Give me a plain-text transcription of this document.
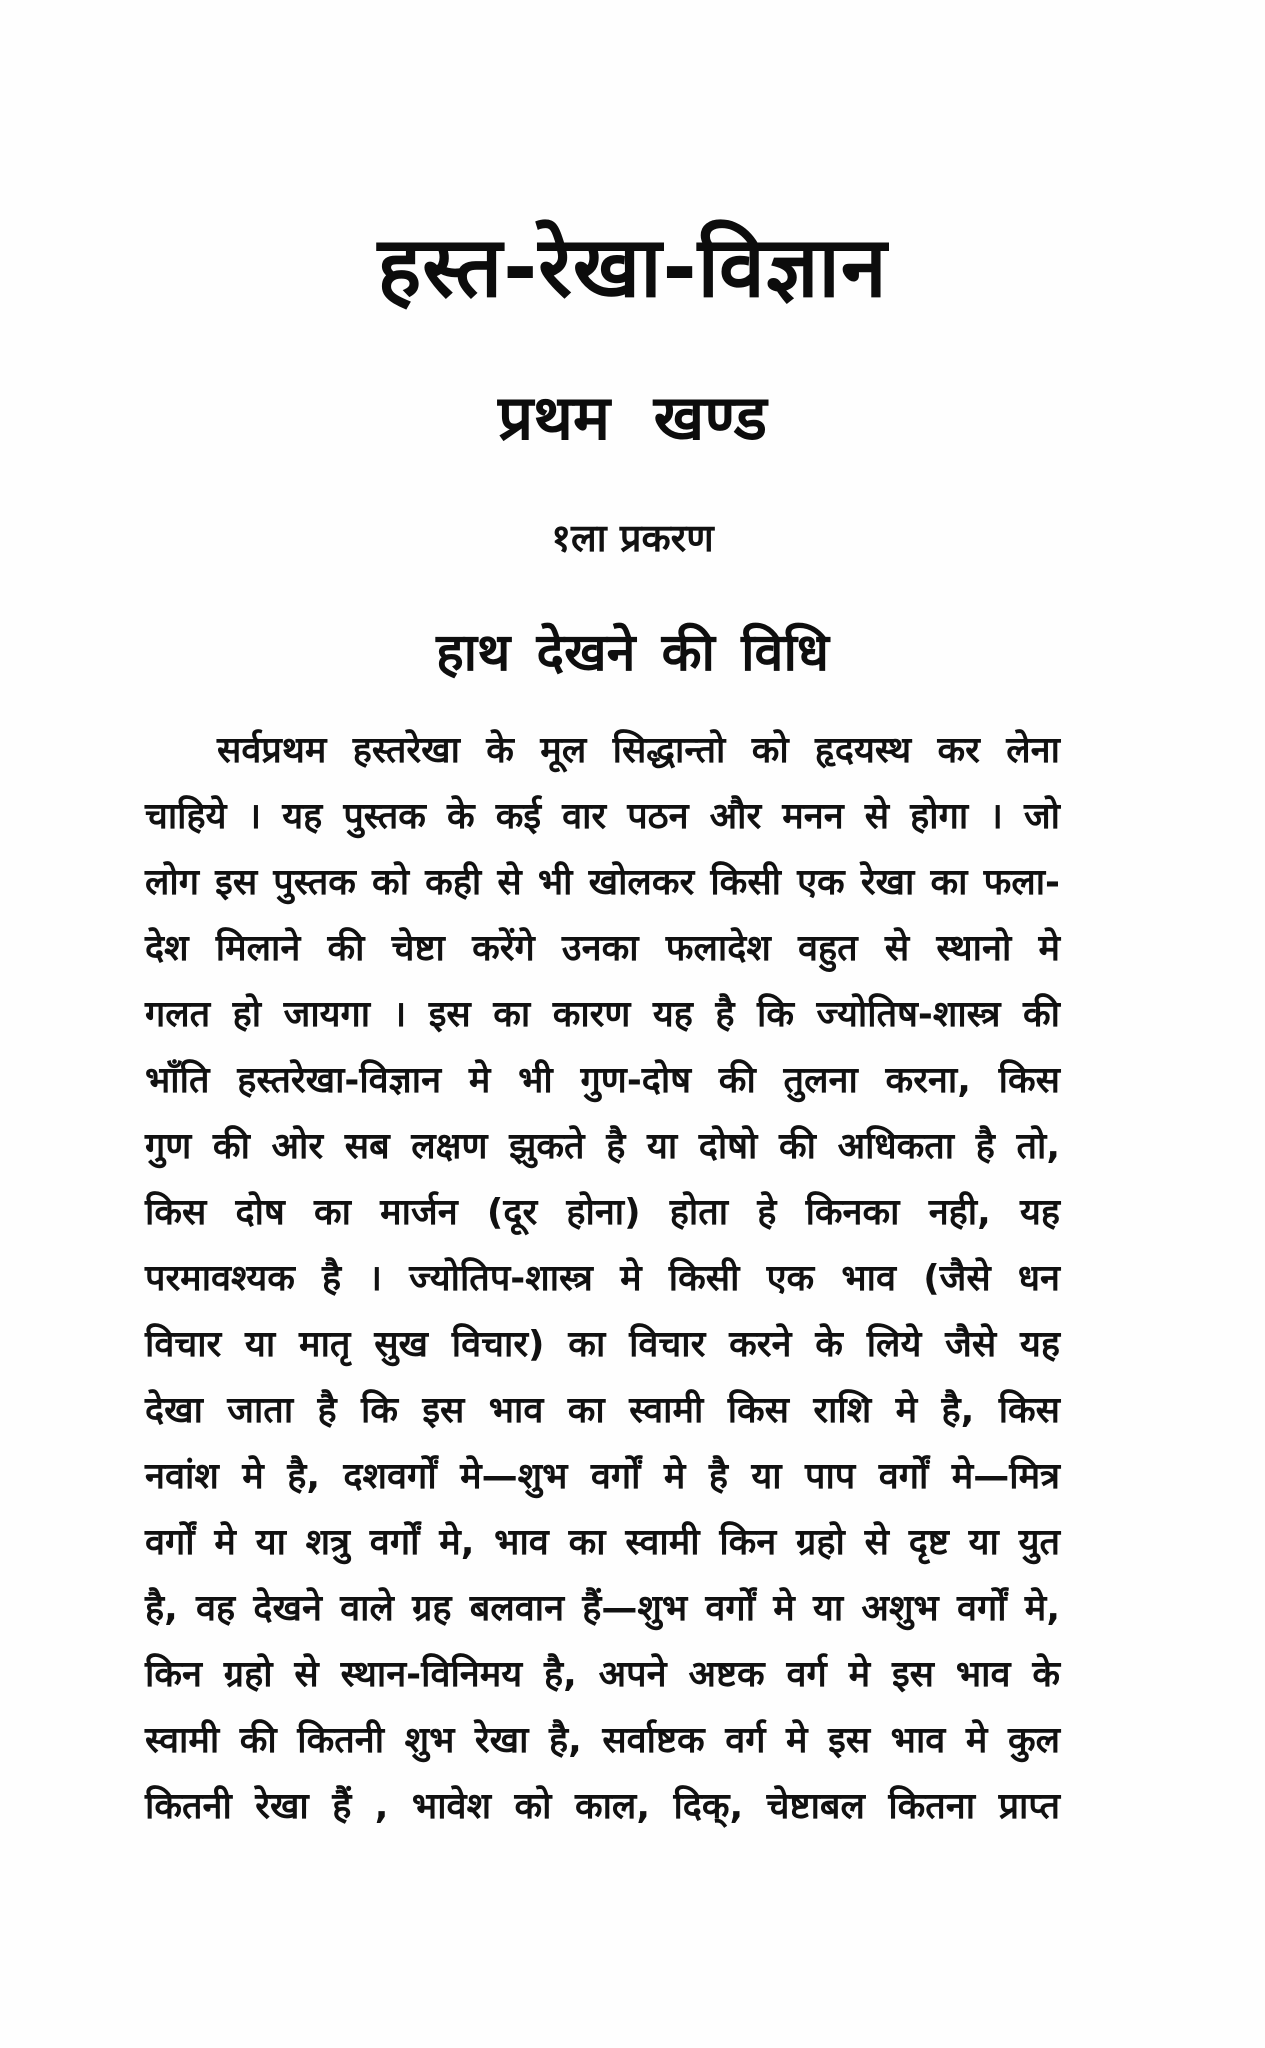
हस्त-रेखा-विज्ञान
प्रथम खण्ड
१ला प्रकरण
हाथ देखने की विधि
सर्वप्रथम हस्तरेखा के मूल सिद्धान्तो को हृदयस्थ कर लेना
चाहिये । यह पुस्तक के कई वार पठन और मनन से होगा । जो
लोग इस पुस्तक को कही से भी खोलकर किसी एक रेखा का फला-
देश मिलाने की चेष्टा करेंगे उनका फलादेश वहुत से स्थानो मे
गलत हो जायगा । इस का कारण यह है कि ज्योतिष-शास्त्र की
भाँति हस्तरेखा-विज्ञान मे भी गुण-दोष की तुलना करना, किस
गुण की ओर सब लक्षण झुकते है या दोषो की अधिकता है तो,
किस दोष का मार्जन (दूर होना) होता हे किनका नही, यह
परमावश्यक है । ज्योतिप-शास्त्र मे किसी एक भाव (जैसे धन
विचार या मातृ सुख विचार) का विचार करने के लिये जैसे यह
देखा जाता है कि इस भाव का स्वामी किस राशि मे है, किस
नवांश मे है, दशवर्गों मे—शुभ वर्गों मे है या पाप वर्गों मे—मित्र
वर्गों मे या शत्रु वर्गों मे, भाव का स्वामी किन ग्रहो से दृष्ट या युत
है, वह देखने वाले ग्रह बलवान हैं—शुभ वर्गों मे या अशुभ वर्गों मे,
किन ग्रहो से स्थान-विनिमय है, अपने अष्टक वर्ग मे इस भाव के
स्वामी की कितनी शुभ रेखा है, सर्वाष्टक वर्ग मे इस भाव मे कुल
कितनी रेखा हैं , भावेश को काल, दिक्, चेष्टाबल कितना प्राप्त
